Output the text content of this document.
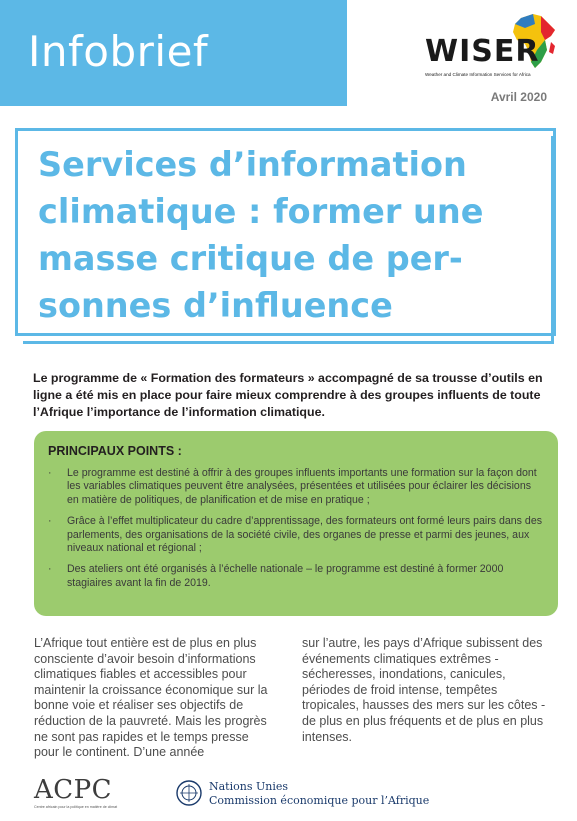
Infobrief	WISER
Weather and Climate Information Services for Africa
Avril 2020
Services d’information climatique : former une masse critique de per-sonnes d’influence

Le programme de « Formation des formateurs » accompagné de sa trousse d’outils en ligne a été mis en place pour faire mieux comprendre à des groupes influents de toute l’Afrique l’importance de l’information climatique.

PRINCIPAUX POINTS :
· Le programme est destiné à offrir à des groupes influents importants une formation sur la façon dont les variables climatiques peuvent être analysées, présentées et utilisées pour éclairer les décisions en matière de politiques, de planification et de mise en pratique ;
· Grâce à l’effet multiplicateur du cadre d’apprentissage, des formateurs ont formé leurs pairs dans des parlements, des organisations de la société civile, des organes de presse et parmi des jeunes, aux niveaux national et régional ;
· Des ateliers ont été organisés à l’échelle nationale – le programme est destiné à former 2000 stagiaires avant la fin de 2019.

L’Afrique tout entière est de plus en plus consciente d’avoir besoin d’informations climatiques fiables et accessibles pour maintenir la croissance économique sur la bonne voie et réaliser ses objectifs de réduction de la pauvreté. Mais les progrès ne sont pas rapides et le temps presse pour le continent. D’une année

sur l’autre, les pays d’Afrique subissent des événements climatiques extrêmes - sécheresses, inondations, canicules, périodes de froid intense, tempêtes tropicales, hausses des mers sur les côtes - de plus en plus fréquents et de plus en plus intenses.

ACPC
Centre africain pour la politique en matière de climat
Nations Unies
Commission économique pour l’Afrique
